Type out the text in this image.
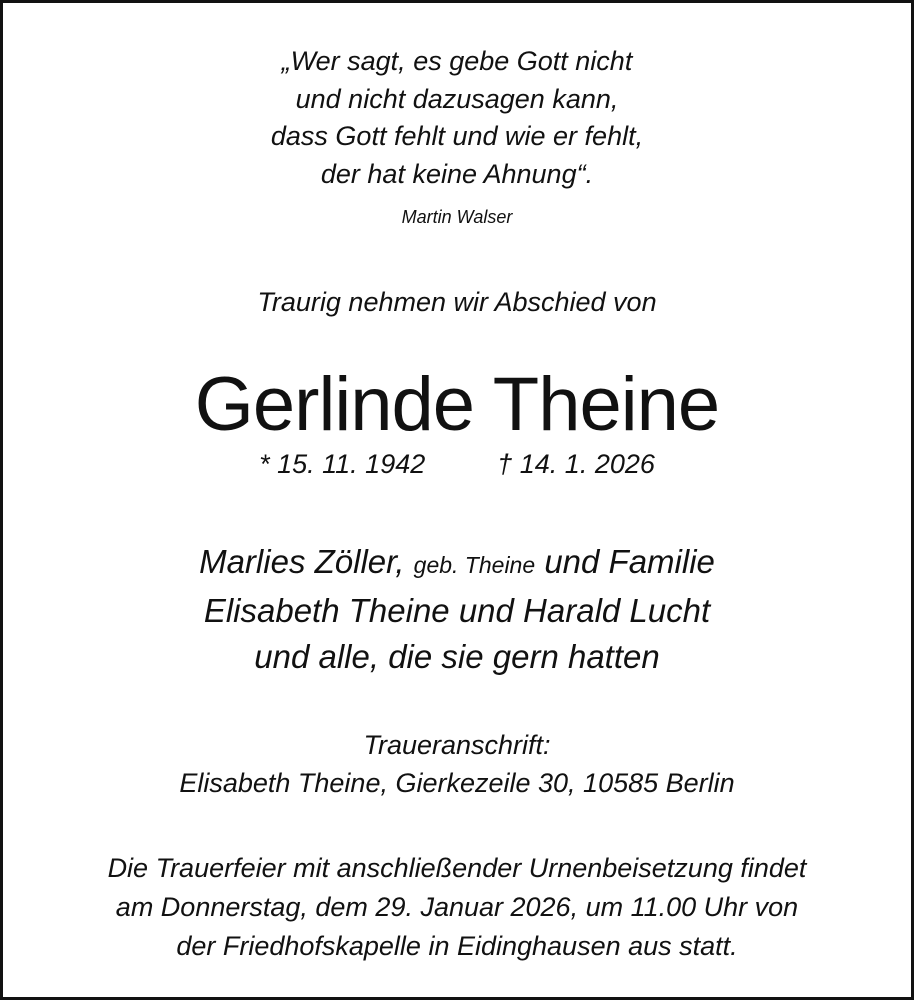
„Wer sagt, es gebe Gott nicht
und nicht dazusagen kann,
dass Gott fehlt und wie er fehlt,
der hat keine Ahnung“.
Martin Walser
Traurig nehmen wir Abschied von
Gerlinde Theine
* 15. 11. 1942	† 14. 1. 2026
Marlies Zöller, geb. Theine und Familie
Elisabeth Theine und Harald Lucht
und alle, die sie gern hatten
Traueranschrift:
Elisabeth Theine, Gierkezeile 30, 10585 Berlin
Die Trauerfeier mit anschließender Urnenbeisetzung findet
am Donnerstag, dem 29. Januar 2026, um 11.00 Uhr von
der Friedhofskapelle in Eidinghausen aus statt.
